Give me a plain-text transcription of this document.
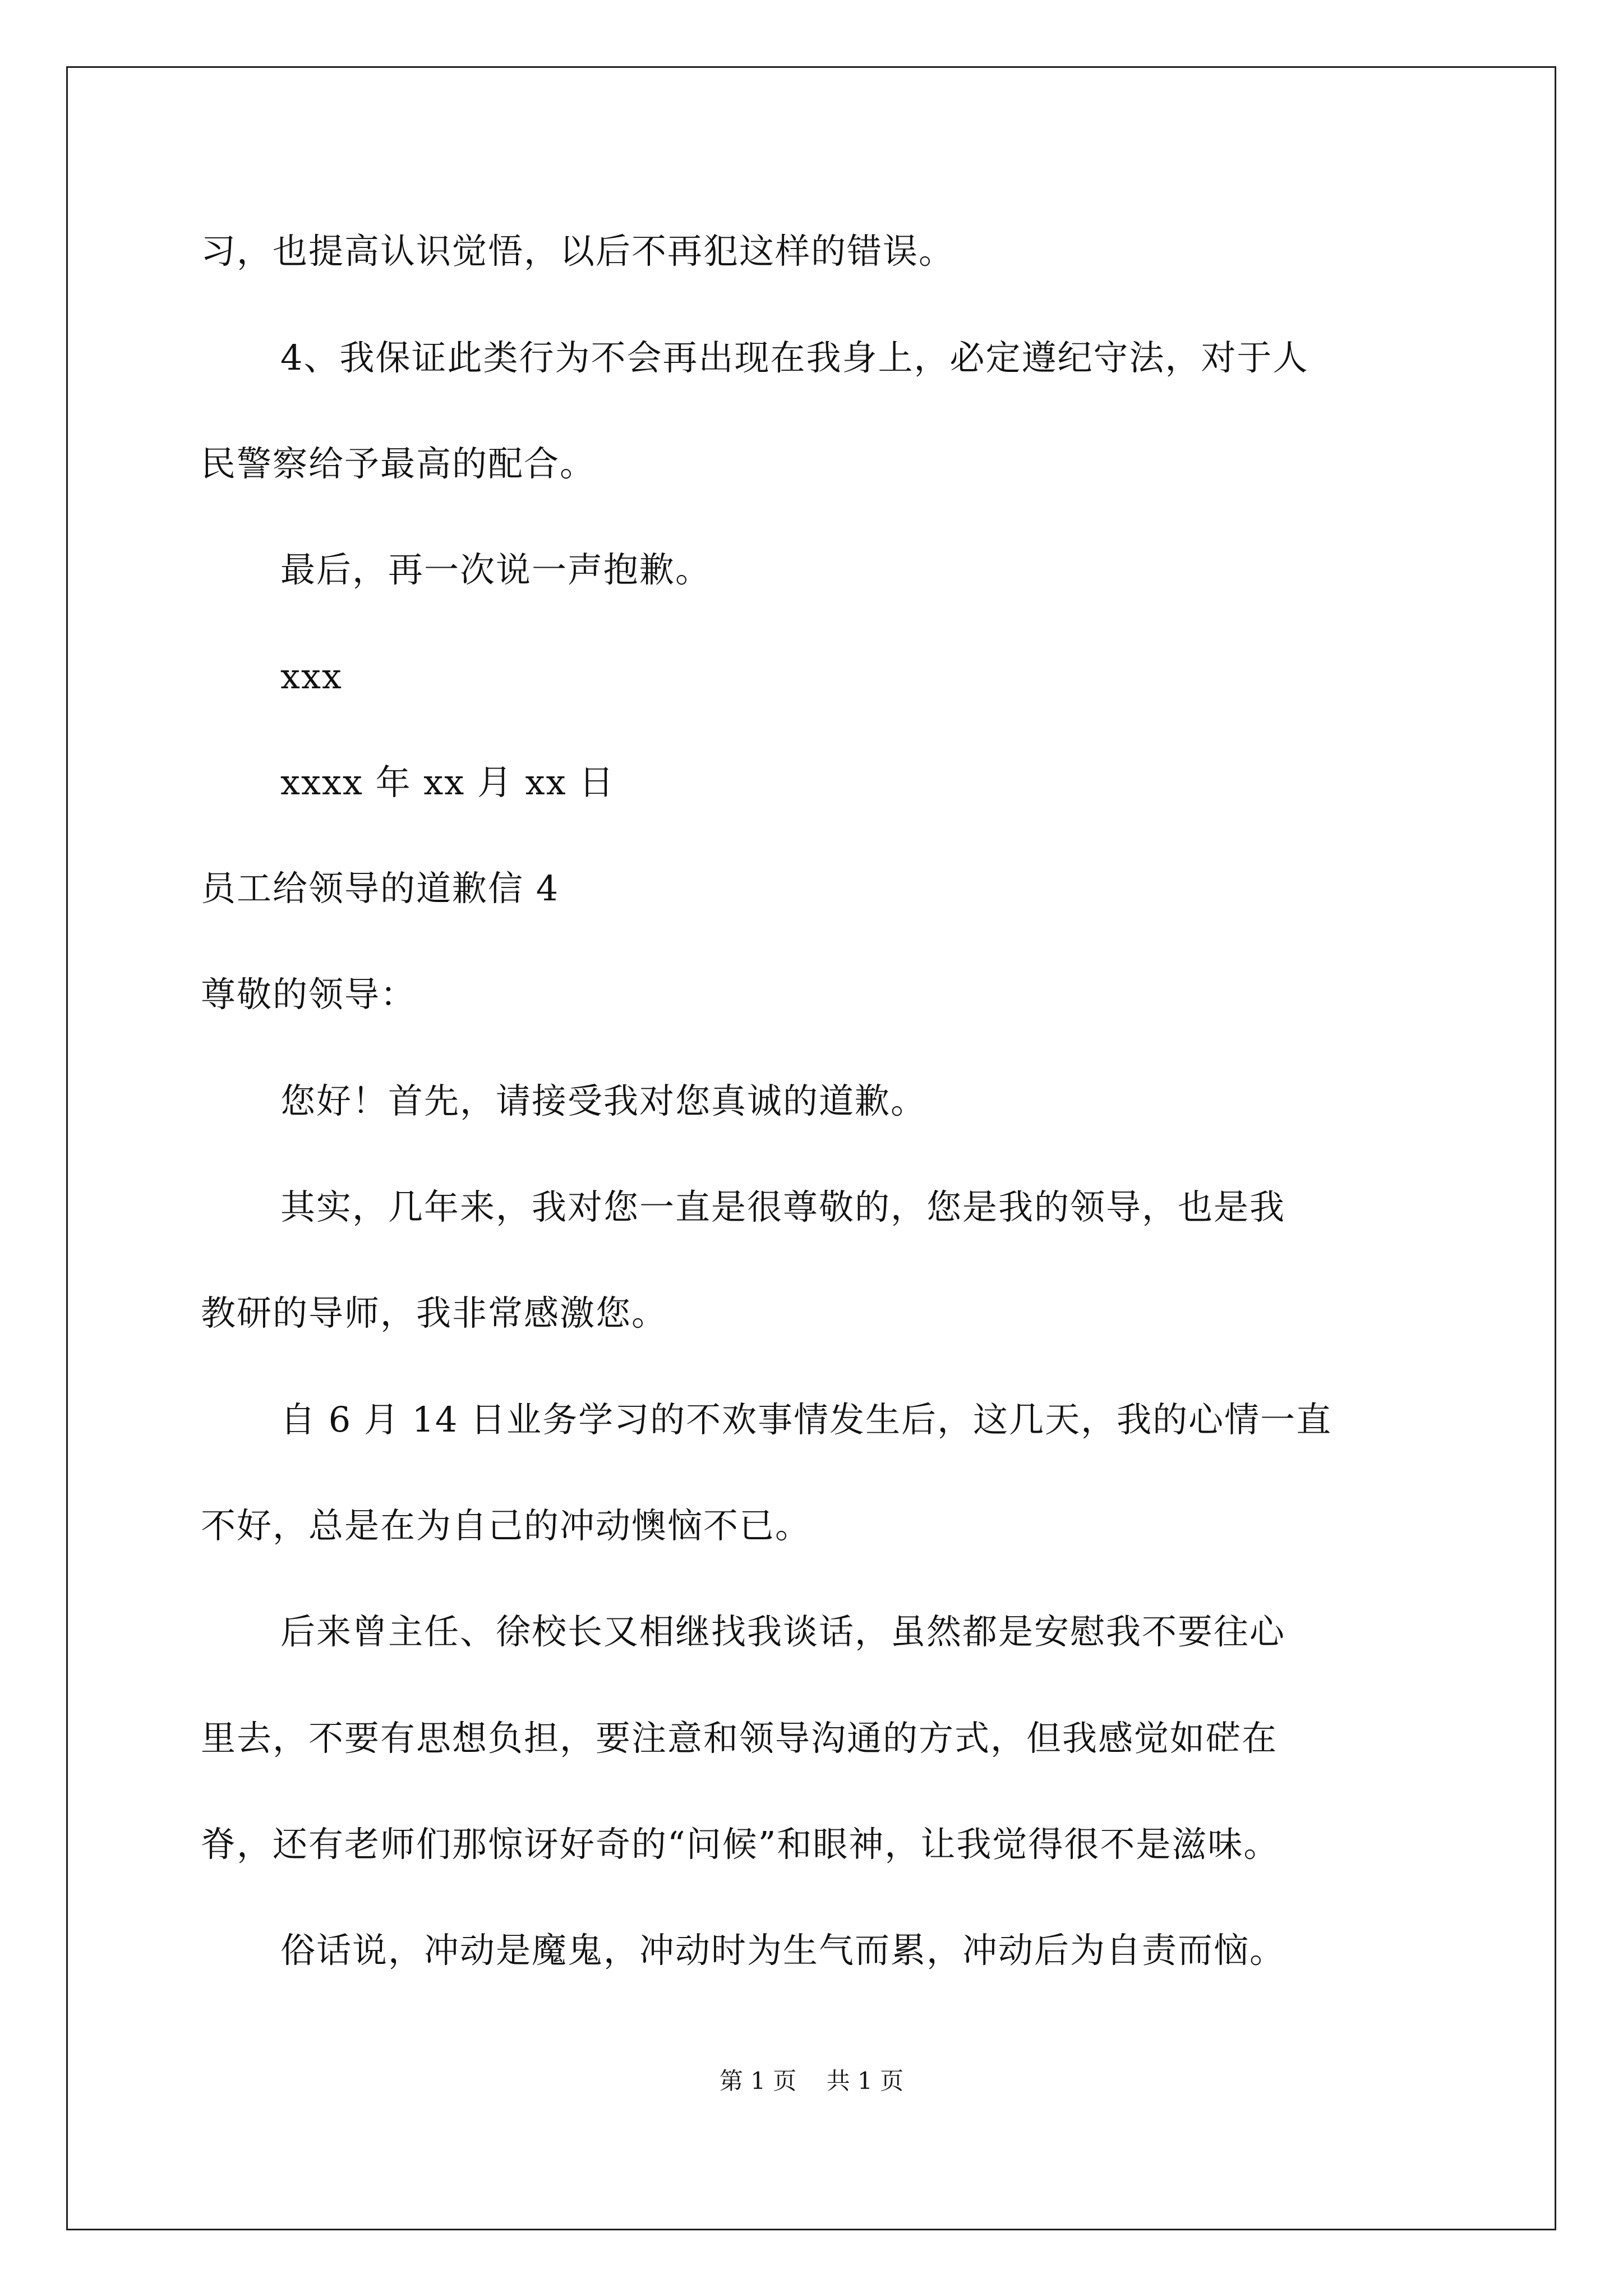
习，也提高认识觉悟，以后不再犯这样的错误。

4、我保证此类行为不会再出现在我身上，必定遵纪守法，对于人

民警察给予最高的配合。

最后，再一次说一声抱歉。

xxx

xxxx 年 xx 月 xx 日

员工给领导的道歉信 4

尊敬的领导：

您好！首先，请接受我对您真诚的道歉。

其实，几年来，我对您一直是很尊敬的，您是我的领导，也是我

教研的导师，我非常感激您。

自 6 月 14 日业务学习的不欢事情发生后，这几天，我的心情一直

不好，总是在为自己的冲动懊恼不已。

后来曾主任、徐校长又相继找我谈话，虽然都是安慰我不要往心

里去，不要有思想负担，要注意和领导沟通的方式，但我感觉如硭在

脊，还有老师们那惊讶好奇的“问候”和眼神，让我觉得很不是滋味。

俗话说，冲动是魔鬼，冲动时为生气而累，冲动后为自责而恼。

第 1 页    共 1 页
